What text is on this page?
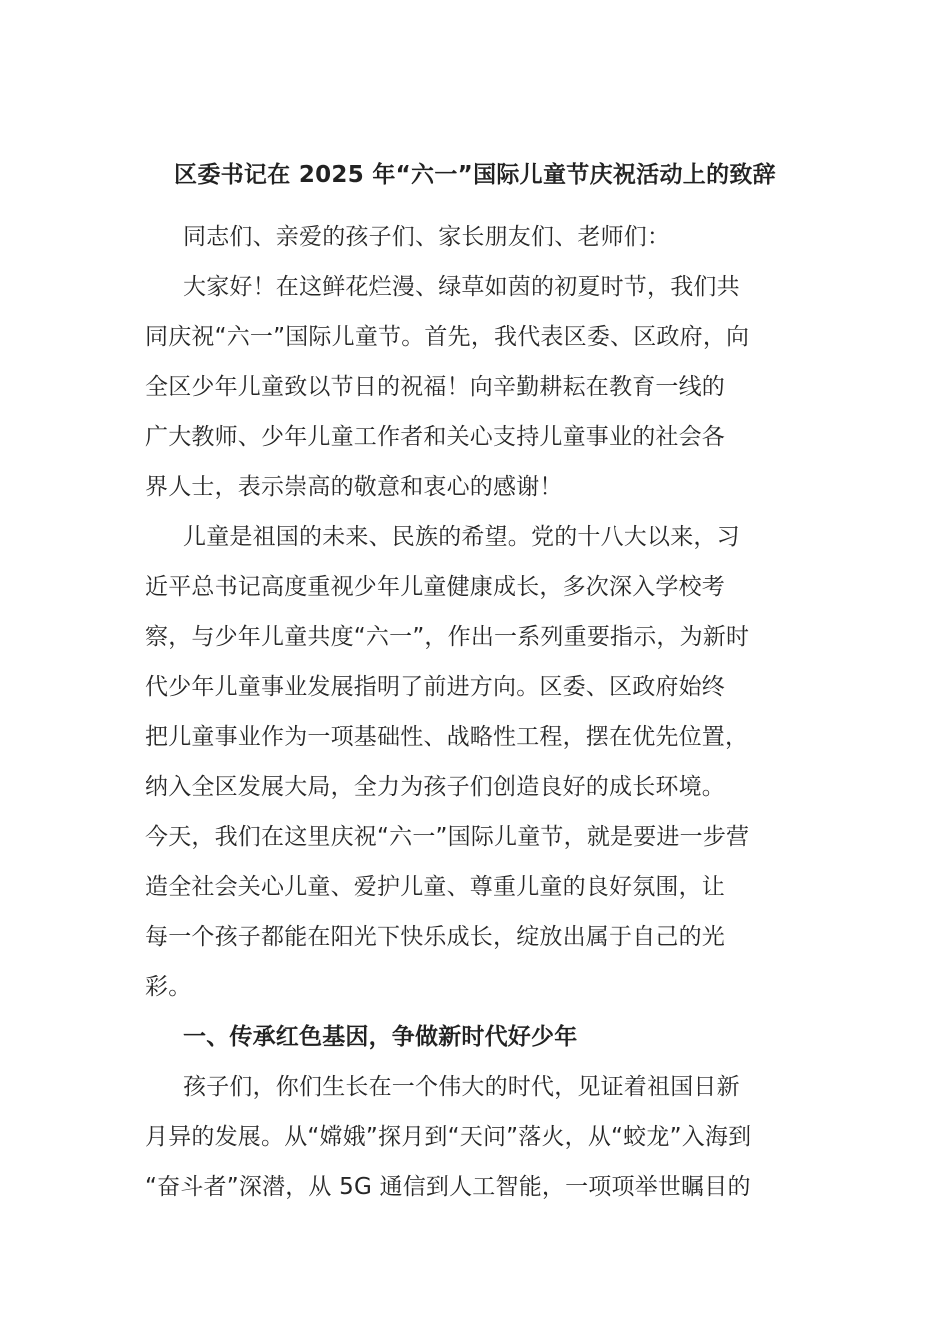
区委书记在 2025 年“六一”国际儿童节庆祝活动上的致辞

同志们、亲爱的孩子们、家长朋友们、老师们：

大家好！在这鲜花烂漫、绿草如茵的初夏时节，我们共
同庆祝“六一”国际儿童节。首先，我代表区委、区政府，向
全区少年儿童致以节日的祝福！向辛勤耕耘在教育一线的
广大教师、少年儿童工作者和关心支持儿童事业的社会各
界人士，表示崇高的敬意和衷心的感谢！

儿童是祖国的未来、民族的希望。党的十八大以来，习
近平总书记高度重视少年儿童健康成长，多次深入学校考
察，与少年儿童共度“六一”，作出一系列重要指示，为新时
代少年儿童事业发展指明了前进方向。区委、区政府始终
把儿童事业作为一项基础性、战略性工程，摆在优先位置，
纳入全区发展大局，全力为孩子们创造良好的成长环境。
今天，我们在这里庆祝“六一”国际儿童节，就是要进一步营
造全社会关心儿童、爱护儿童、尊重儿童的良好氛围，让
每一个孩子都能在阳光下快乐成长，绽放出属于自己的光
彩。

一、传承红色基因，争做新时代好少年

孩子们，你们生长在一个伟大的时代，见证着祖国日新
月异的发展。从“嫦娥”探月到“天问”落火，从“蛟龙”入海到
“奋斗者”深潜，从 5G 通信到人工智能，一项项举世瞩目的
